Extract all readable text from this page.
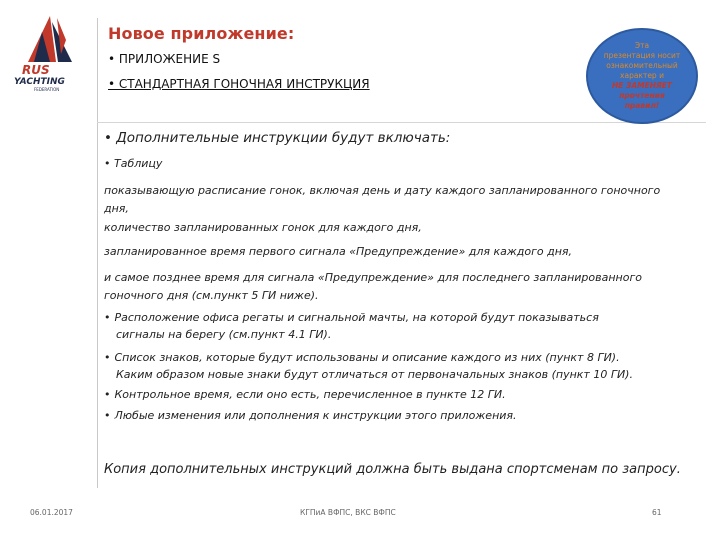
RUS
YACHTING
FEDERATION
Новое приложение:
• ПРИЛОЖЕНИЕ S
• СТАНДАРТНАЯ ГОНОЧНАЯ ИНСТРУКЦИЯ
Эта
презентация носит
ознакомительный
характер и
НЕ ЗАМЕНЯЕТ
прочтения
правил!
• Дополнительные инструкции будут включать:
• Таблицу
показывающую расписание гонок, включая день и дату каждого запланированного гоночного дня,
количество запланированных гонок для каждого дня,
запланированное время первого сигнала «Предупреждение» для каждого дня,
и самое позднее время для сигнала «Предупреждение» для последнего запланированного гоночного дня (см.пункт 5 ГИ ниже).
• Расположение офиса регаты и сигнальной мачты, на которой будут показываться
сигналы на берегу (см.пункт 4.1 ГИ).
• Список знаков, которые будут использованы и описание каждого из них (пункт 8 ГИ).
Каким образом новые знаки будут отличаться от первоначальных знаков (пункт 10 ГИ).
• Контрольное время, если оно есть, перечисленное в пункте 12 ГИ.
• Любые изменения или дополнения к инструкции этого приложения.
Копия дополнительных инструкций должна быть выдана спортсменам по запросу.
06.01.2017	КГПиА ВФПС, ВКС ВФПС	61
